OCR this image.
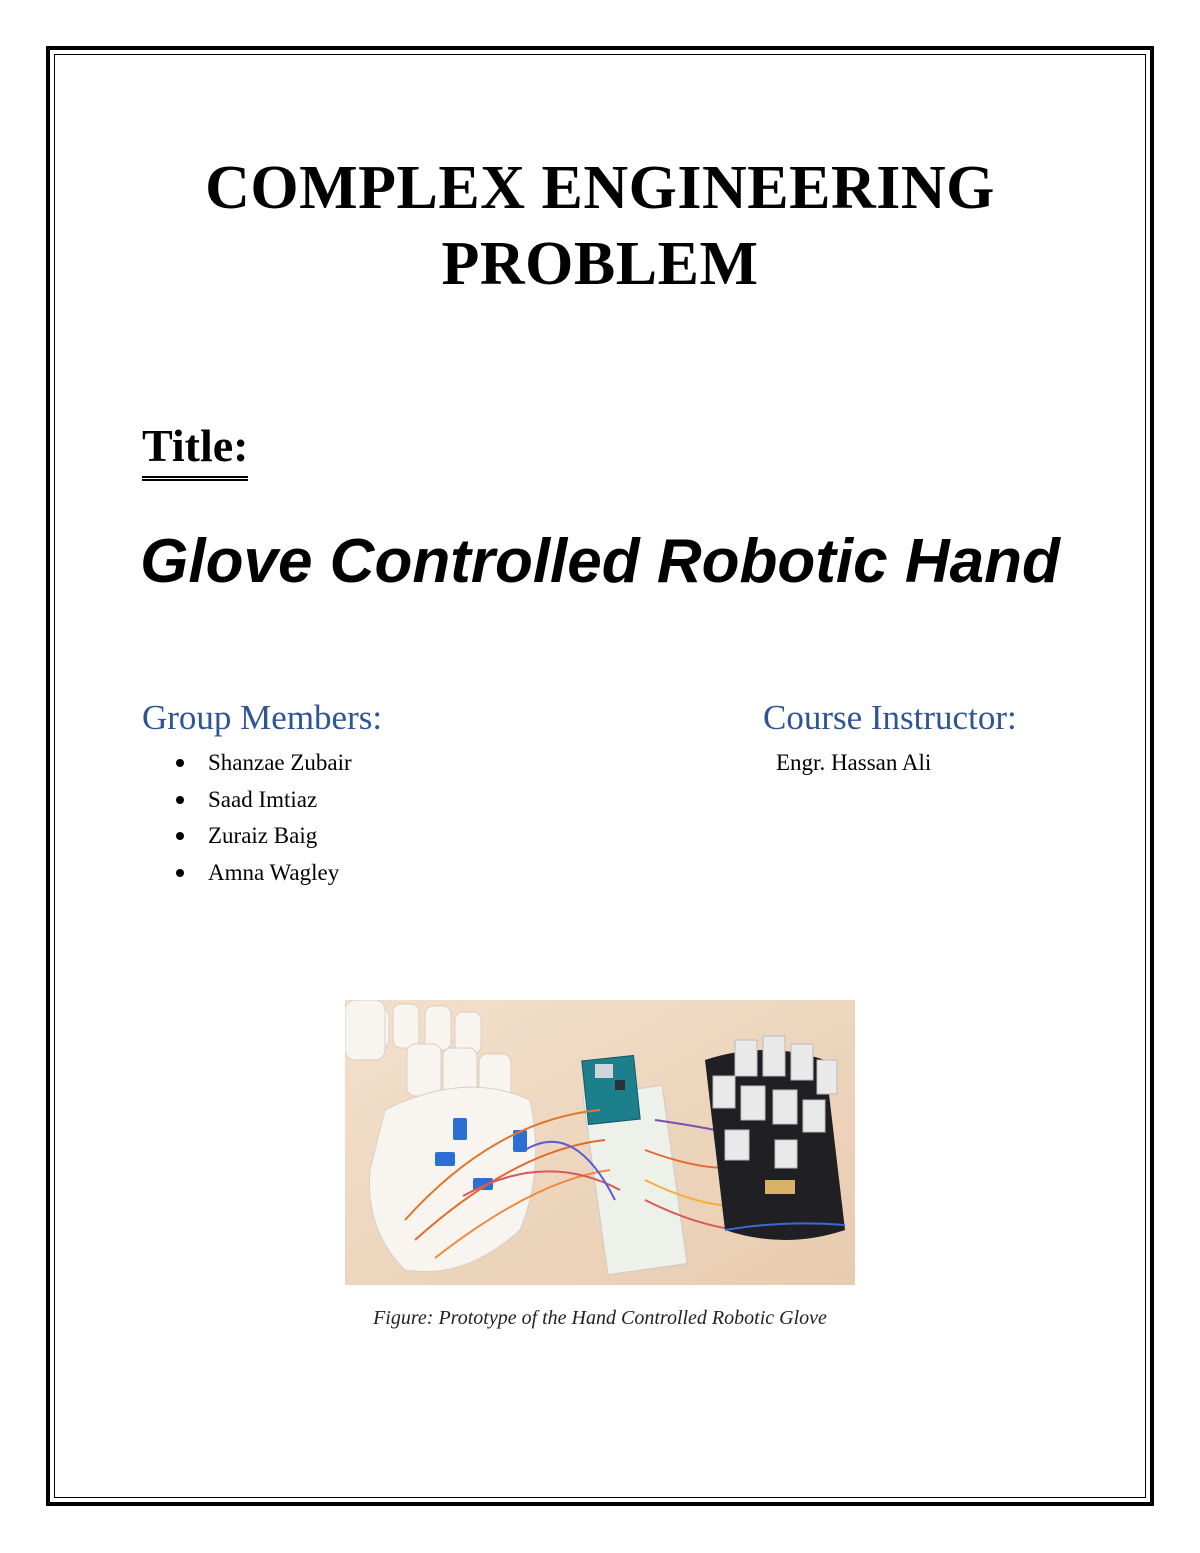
COMPLEX ENGINEERING
PROBLEM
Title:
Glove Controlled Robotic Hand
Group Members:
Shanzae Zubair
Saad Imtiaz
Zuraiz Baig
Amna Wagley
Course Instructor:
Engr. Hassan Ali
Figure: Prototype of the Hand Controlled Robotic Glove
